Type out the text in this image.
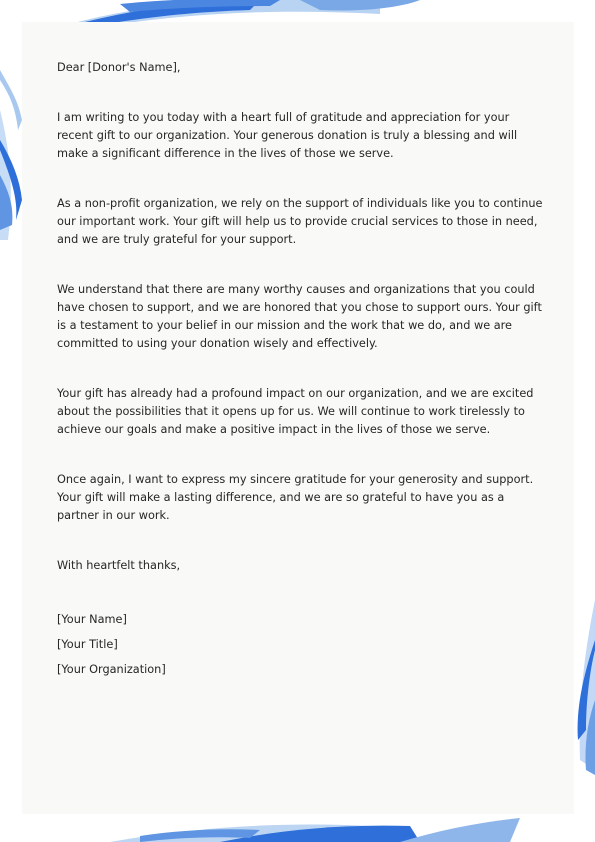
Dear [Donor's Name],

I am writing to you today with a heart full of gratitude and appreciation for your recent gift to our organization. Your generous donation is truly a blessing and will make a significant difference in the lives of those we serve.

As a non-profit organization, we rely on the support of individuals like you to continue our important work. Your gift will help us to provide crucial services to those in need, and we are truly grateful for your support.

We understand that there are many worthy causes and organizations that you could have chosen to support, and we are honored that you chose to support ours. Your gift is a testament to your belief in our mission and the work that we do, and we are committed to using your donation wisely and effectively.

Your gift has already had a profound impact on our organization, and we are excited about the possibilities that it opens up for us. We will continue to work tirelessly to achieve our goals and make a positive impact in the lives of those we serve.

Once again, I want to express my sincere gratitude for your generosity and support. Your gift will make a lasting difference, and we are so grateful to have you as a partner in our work.

With heartfelt thanks,

[Your Name]
[Your Title]
[Your Organization]
